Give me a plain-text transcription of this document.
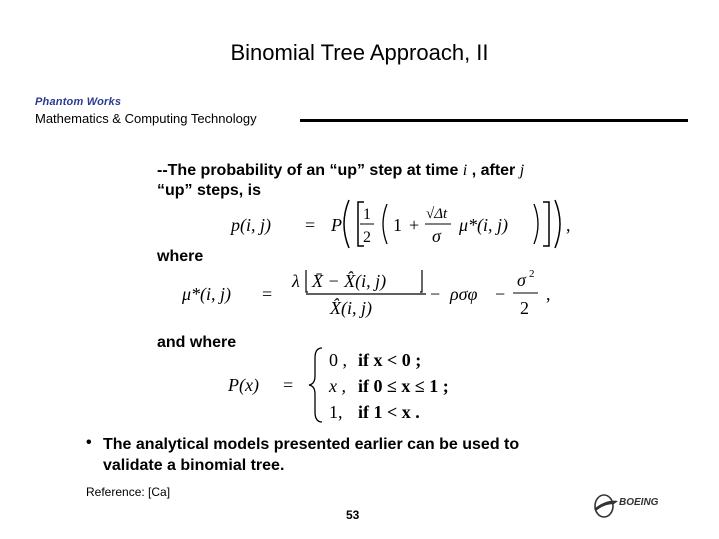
Binomial Tree Approach, II
Phantom Works
Mathematics & Computing Technology
--The probability of an “up” step at time i , after j
“up” steps, is
p(i, j) = P
1
2
1 +
√Δt
σ
μ*(i, j)	,
where
μ*(i, j) =
λ X̄ − X̂(i, j)
X̂(i, j)
− ρσφ −
σ 2
2
,
and where
P(x) =
0 , if x < 0 ;
x , if 0 ≤ x ≤ 1 ;
1, if 1 < x .
• The analytical models presented earlier can be used to validate a binomial tree.
Reference: [Ca]
53
BOEING
